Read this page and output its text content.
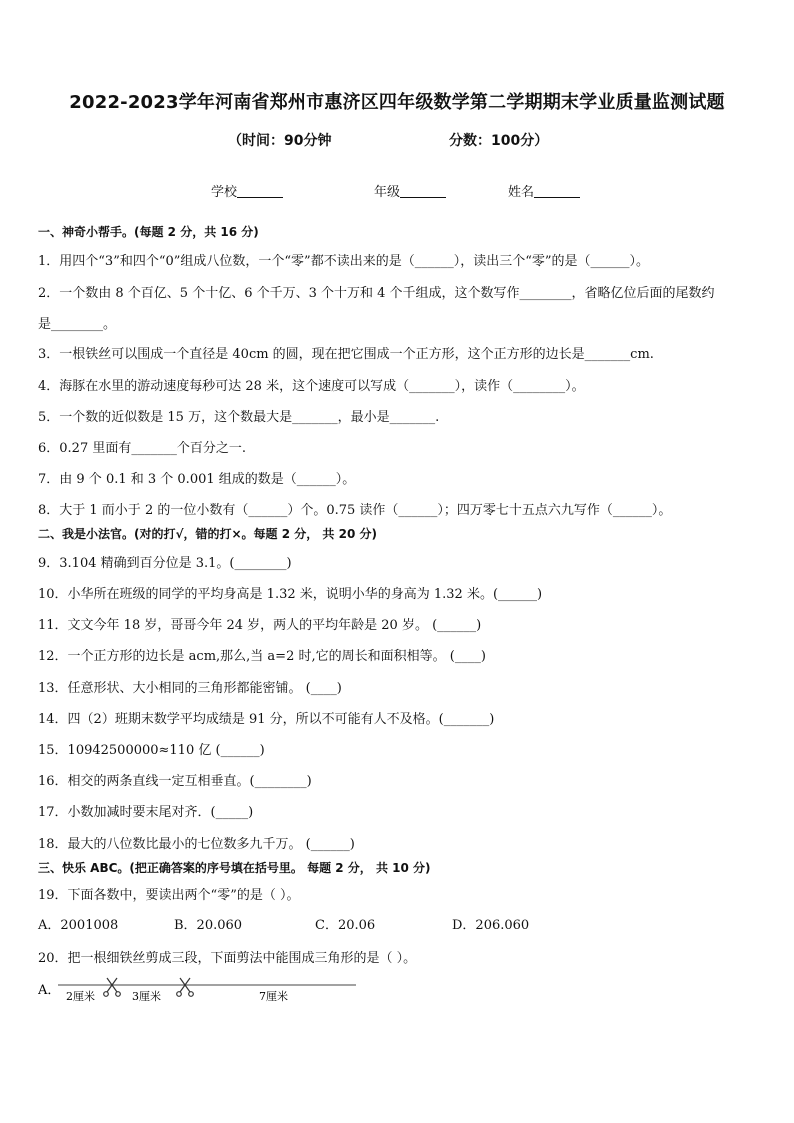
2022-2023学年河南省郑州市惠济区四年级数学第二学期期末学业质量监测试题
（时间：90分钟	分数：100分）
学校	年级	姓名
一、神奇小帮手。(每题 2 分，共 16 分)
1．用四个“3”和四个“0”组成八位数，一个“零”都不读出来的是（______），读出三个“零”的是（______）。
2．一个数由 8 个百亿、5 个十亿、6 个千万、3 个十万和 4 个千组成，这个数写作________，省略亿位后面的尾数约
是________。
3．一根铁丝可以围成一个直径是 40cm 的圆，现在把它围成一个正方形，这个正方形的边长是_______cm.
4．海豚在水里的游动速度每秒可达 28 米，这个速度可以写成（_______），读作（________）。
5．一个数的近似数是 15 万，这个数最大是_______，最小是_______.
6．0.27 里面有_______个百分之一.
7．由 9 个 0.1 和 3 个 0.001 组成的数是（______）。
8．大于 1 而小于 2 的一位小数有（______）个。0.75 读作（______）；四万零七十五点六九写作（______）。
二、我是小法官。(对的打√，错的打×。每题 2 分， 共 20 分)
9．3.104 精确到百分位是 3.1。(________)
10．小华所在班级的同学的平均身高是 1.32 米，说明小华的身高为 1.32 米。(______)
11．文文今年 18 岁，哥哥今年 24 岁，两人的平均年龄是 20 岁。 (______)
12．一个正方形的边长是 acm,那么,当 a=2 时,它的周长和面积相等。 (____)
13．任意形状、大小相同的三角形都能密铺。 (____)
14．四（2）班期末数学平均成绩是 91 分，所以不可能有人不及格。(_______)
15．10942500000≈110 亿 (______)
16．相交的两条直线一定互相垂直。(________)
17．小数加减时要末尾对齐．(_____)
18．最大的八位数比最小的七位数多九千万。 (______)
三、快乐 ABC。(把正确答案的序号填在括号里。 每题 2 分， 共 10 分)
19．下面各数中，要读出两个“零”的是（ ）。
20．把一根细铁丝剪成三段，下面剪法中能围成三角形的是（ ）。
A．2001008	B．20.060	C．20.06	D．206.060
A． 2厘米	3厘米	7厘米
